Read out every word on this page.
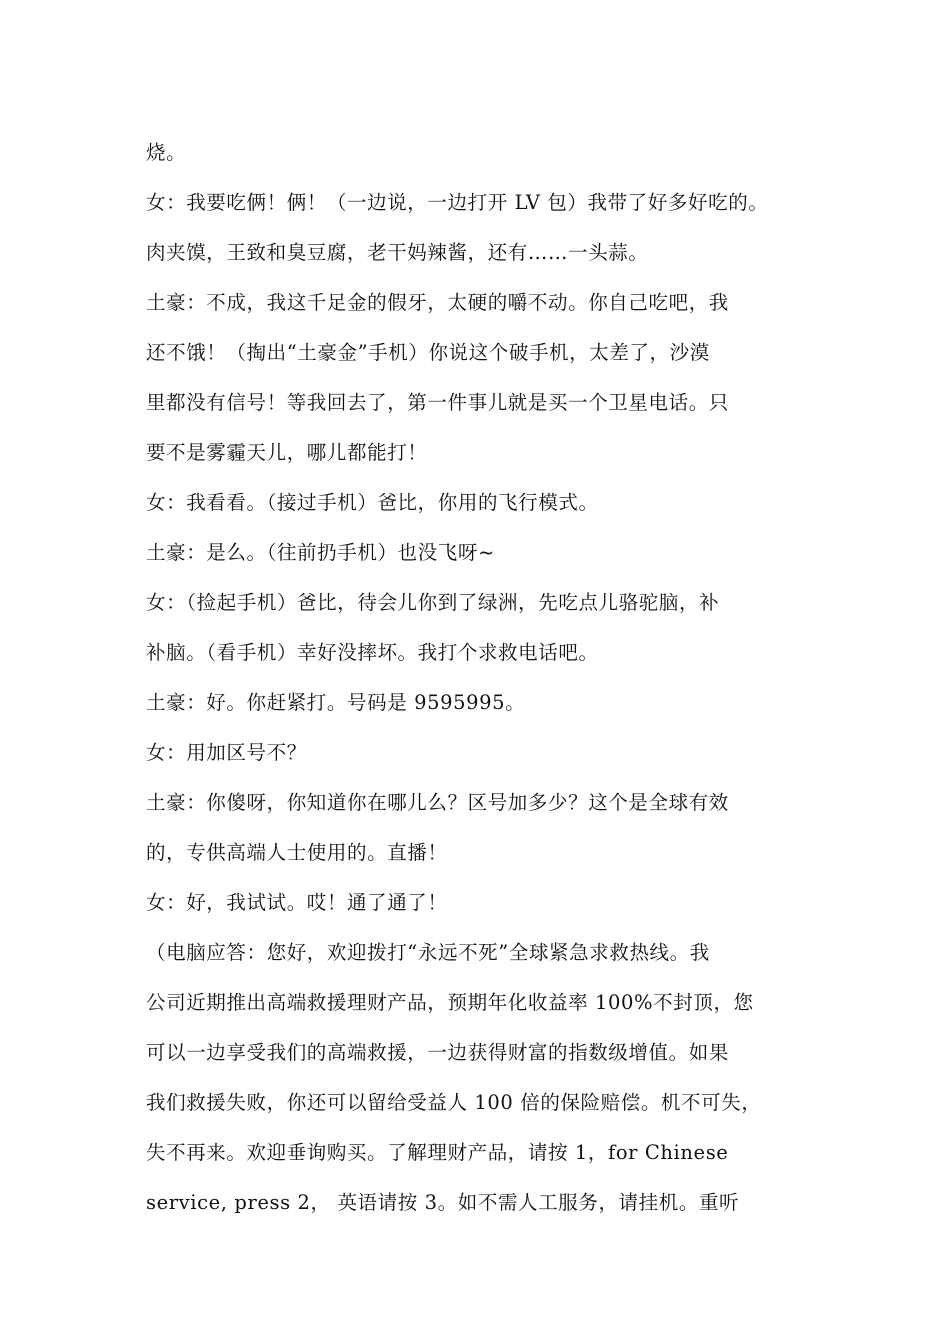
烧。
女：我要吃俩！俩！（一边说，一边打开 LV 包）我带了好多好吃的。
肉夹馍，王致和臭豆腐，老干妈辣酱，还有……一头蒜。
土豪：不成，我这千足金的假牙，太硬的嚼不动。你自己吃吧，我
还不饿！（掏出“土豪金”手机）你说这个破手机，太差了，沙漠
里都没有信号！等我回去了，第一件事儿就是买一个卫星电话。只
要不是雾霾天儿，哪儿都能打！
女：我看看。（接过手机）爸比，你用的飞行模式。
土豪：是么。（往前扔手机）也没飞呀~
女：（捡起手机）爸比，待会儿你到了绿洲，先吃点儿骆驼脑，补
补脑。（看手机）幸好没摔坏。我打个求救电话吧。
土豪：好。你赶紧打。号码是 9595995。
女：用加区号不？
土豪：你傻呀，你知道你在哪儿么？区号加多少？这个是全球有效
的，专供高端人士使用的。直播！
女：好，我试试。哎！通了通了！
（电脑应答：您好，欢迎拨打“永远不死”全球紧急求救热线。我
公司近期推出高端救援理财产品，预期年化收益率 100%不封顶，您
可以一边享受我们的高端救援，一边获得财富的指数级增值。如果
我们救援失败，你还可以留给受益人 100 倍的保险赔偿。机不可失，
失不再来。欢迎垂询购买。了解理财产品，请按 1，for Chinese
service, press 2， 英语请按 3。如不需人工服务，请挂机。重听
